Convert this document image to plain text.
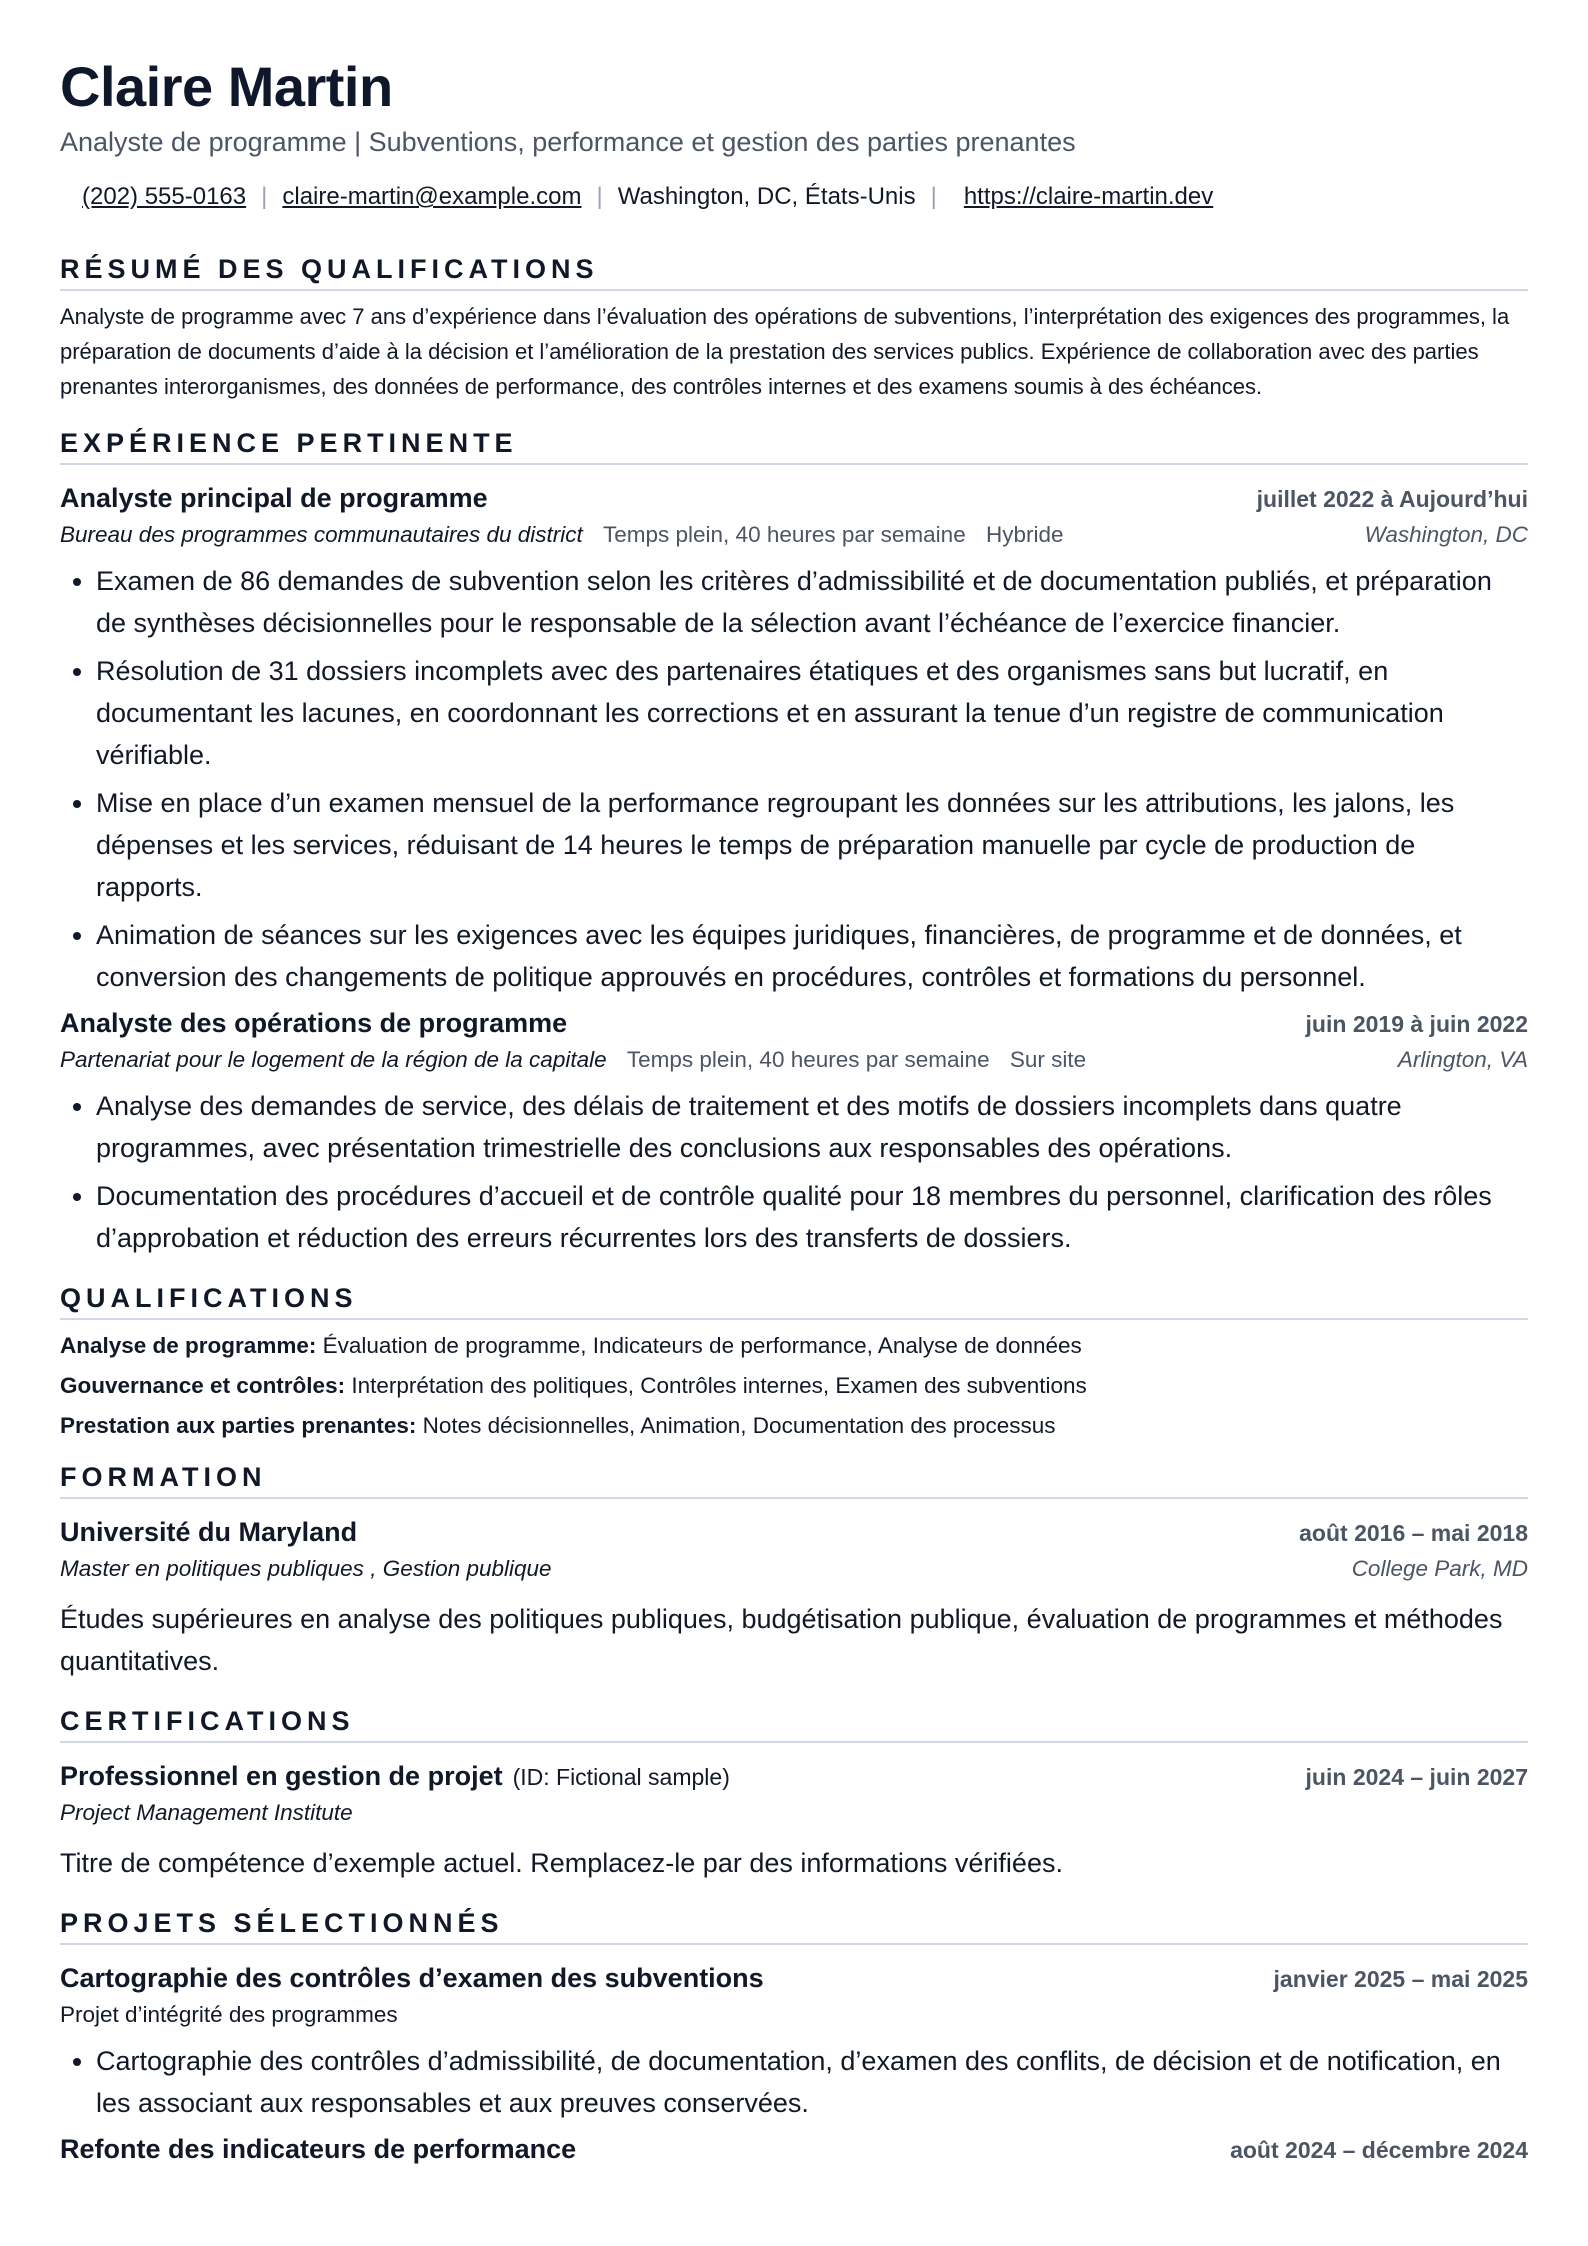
Claire Martin
Analyste de programme | Subventions, performance et gestion des parties prenantes
(202) 555-0163 | claire-martin@example.com | Washington, DC, États-Unis | https://claire-martin.dev
RÉSUMÉ DES QUALIFICATIONS
Analyste de programme avec 7 ans d’expérience dans l’évaluation des opérations de subventions, l’interprétation des exigences des programmes, la préparation de documents d’aide à la décision et l’amélioration de la prestation des services publics. Expérience de collaboration avec des parties prenantes interorganismes, des données de performance, des contrôles internes et des examens soumis à des échéances.
EXPÉRIENCE PERTINENTE
Analyste principal de programme	juillet 2022 à Aujourd’hui
Bureau des programmes communautaires du district Temps plein, 40 heures par semaine Hybride	Washington, DC
• Examen de 86 demandes de subvention selon les critères d’admissibilité et de documentation publiés, et préparation de synthèses décisionnelles pour le responsable de la sélection avant l’échéance de l’exercice financier.
• Résolution de 31 dossiers incomplets avec des partenaires étatiques et des organismes sans but lucratif, en documentant les lacunes, en coordonnant les corrections et en assurant la tenue d’un registre de communication vérifiable.
• Mise en place d’un examen mensuel de la performance regroupant les données sur les attributions, les jalons, les dépenses et les services, réduisant de 14 heures le temps de préparation manuelle par cycle de production de rapports.
• Animation de séances sur les exigences avec les équipes juridiques, financières, de programme et de données, et conversion des changements de politique approuvés en procédures, contrôles et formations du personnel.
Analyste des opérations de programme	juin 2019 à juin 2022
Partenariat pour le logement de la région de la capitale Temps plein, 40 heures par semaine Sur site	Arlington, VA
• Analyse des demandes de service, des délais de traitement et des motifs de dossiers incomplets dans quatre programmes, avec présentation trimestrielle des conclusions aux responsables des opérations.
• Documentation des procédures d’accueil et de contrôle qualité pour 18 membres du personnel, clarification des rôles d’approbation et réduction des erreurs récurrentes lors des transferts de dossiers.
QUALIFICATIONS
Analyse de programme: Évaluation de programme, Indicateurs de performance, Analyse de données
Gouvernance et contrôles: Interprétation des politiques, Contrôles internes, Examen des subventions
Prestation aux parties prenantes: Notes décisionnelles, Animation, Documentation des processus
FORMATION
Université du Maryland	août 2016 – mai 2018
Master en politiques publiques , Gestion publique	College Park, MD
Études supérieures en analyse des politiques publiques, budgétisation publique, évaluation de programmes et méthodes quantitatives.
CERTIFICATIONS
Professionnel en gestion de projet (ID: Fictional sample)	juin 2024 – juin 2027
Project Management Institute
Titre de compétence d’exemple actuel. Remplacez-le par des informations vérifiées.
PROJETS SÉLECTIONNÉS
Cartographie des contrôles d’examen des subventions	janvier 2025 – mai 2025
Projet d’intégrité des programmes
• Cartographie des contrôles d’admissibilité, de documentation, d’examen des conflits, de décision et de notification, en les associant aux responsables et aux preuves conservées.
Refonte des indicateurs de performance	août 2024 – décembre 2024
